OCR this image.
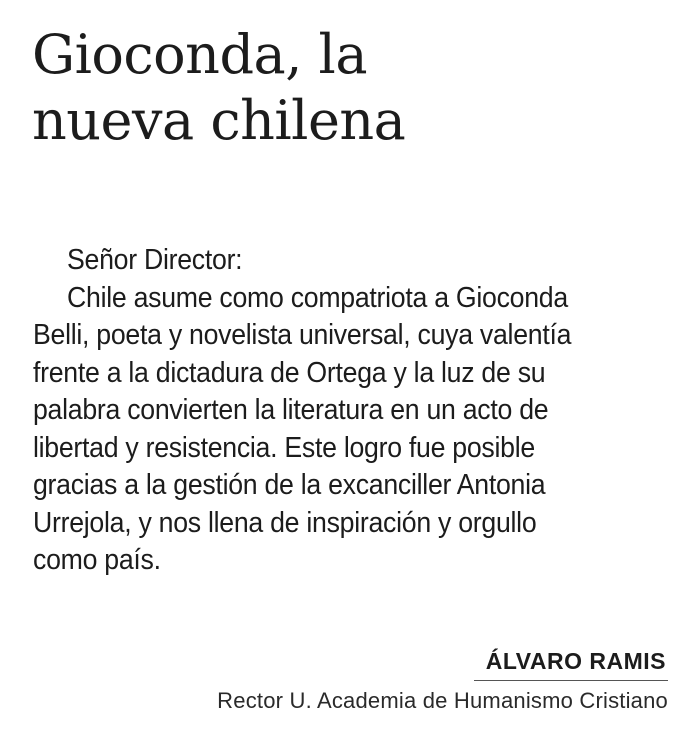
Gioconda, la
nueva chilena

Señor Director:

Chile asume como compatriota a Gioconda
Belli, poeta y novelista universal, cuya valentía
frente a la dictadura de Ortega y la luz de su
palabra convierten la literatura en un acto de
libertad y resistencia. Este logro fue posible
gracias a la gestión de la excanciller Antonia
Urrejola, y nos llena de inspiración y orgullo
como país.

ÁLVARO RAMIS
Rector U. Academia de Humanismo Cristiano
